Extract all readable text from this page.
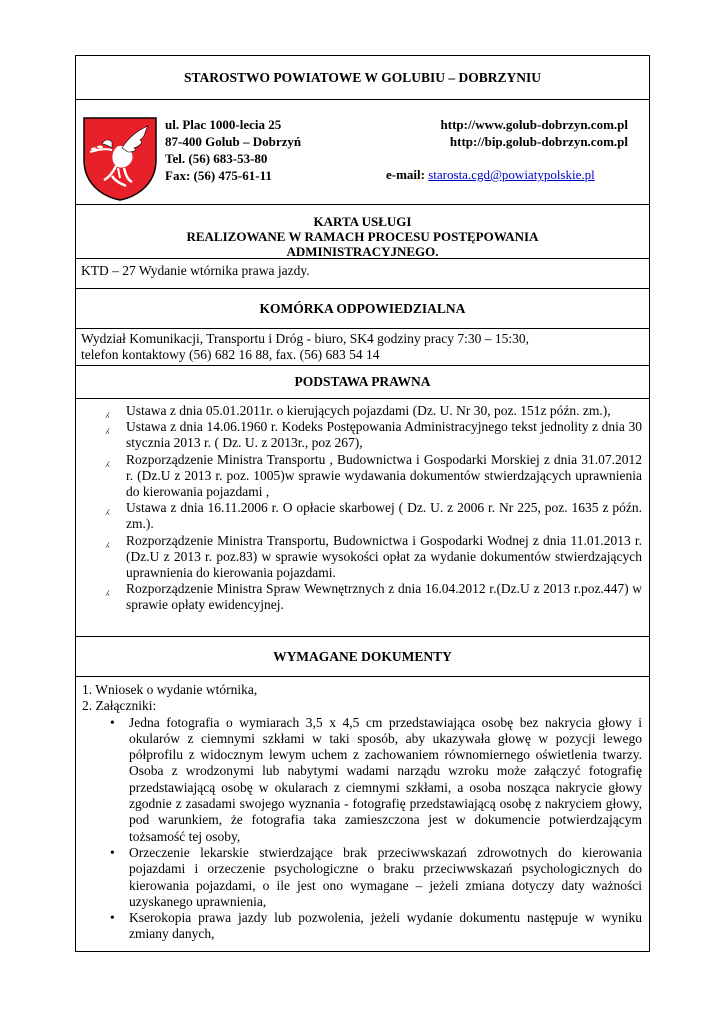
STAROSTWO POWIATOWE W GOLUBIU – DOBRZYNIU
ul. Plac 1000-lecia 25
87-400 Golub – Dobrzyń
Tel. (56) 683-53-80
Fax: (56) 475-61-11
http://www.golub-dobrzyn.com.pl
http://bip.golub-dobrzyn.com.pl
e-mail: starosta.cgd@powiatypolskie.pl
KARTA USŁUGI
REALIZOWANE W RAMACH PROCESU POSTĘPOWANIA
ADMINISTRACYJNEGO.
KTD – 27 Wydanie wtórnika prawa jazdy.
KOMÓRKA ODPOWIEDZIALNA
Wydział Komunikacji, Transportu i Dróg - biuro, SK4 godziny pracy 7:30 – 15:30,
telefon kontaktowy (56) 682 16 88, fax. (56) 683 54 14
PODSTAWA PRAWNA
⁁ Ustawa z dnia 05.01.2011r. o kierujących pojazdami (Dz. U. Nr 30, poz. 151z późn. zm.),
⁁ Ustawa z dnia 14.06.1960 r. Kodeks Postępowania Administracyjnego tekst jednolity z dnia 30 stycznia 2013 r. ( Dz. U. z 2013r., poz 267),
⁁ Rozporządzenie Ministra Transportu , Budownictwa i Gospodarki Morskiej z dnia 31.07.2012 r. (Dz.U z 2013 r. poz. 1005)w sprawie wydawania dokumentów stwierdzających uprawnienia do kierowania pojazdami ,
⁁ Ustawa z dnia 16.11.2006 r. O opłacie skarbowej ( Dz. U. z 2006 r. Nr 225, poz. 1635 z późn. zm.).
⁁ Rozporządzenie Ministra Transportu, Budownictwa i Gospodarki Wodnej z dnia 11.01.2013 r. (Dz.U z 2013 r. poz.83) w sprawie wysokości opłat za wydanie dokumentów stwierdzających uprawnienia do kierowania pojazdami.
⁁ Rozporządzenie Ministra Spraw Wewnętrznych z dnia 16.04.2012 r.(Dz.U z 2013 r.poz.447) w sprawie opłaty ewidencyjnej.
WYMAGANE DOKUMENTY
1. Wniosek o wydanie wtórnika,
2. Załączniki:
• Jedna fotografia o wymiarach 3,5 x 4,5 cm przedstawiająca osobę bez nakrycia głowy i okularów z ciemnymi szkłami w taki sposób, aby ukazywała głowę w pozycji lewego półprofilu z widocznym lewym uchem z zachowaniem równomiernego oświetlenia twarzy. Osoba z wrodzonymi lub nabytymi wadami narządu wzroku może załączyć fotografię przedstawiającą osobę w okularach z ciemnymi szkłami, a osoba nosząca nakrycie głowy zgodnie z zasadami swojego wyznania - fotografię przedstawiającą osobę z nakryciem głowy, pod warunkiem, że fotografia taka zamieszczona jest w dokumencie potwierdzającym tożsamość tej osoby,
• Orzeczenie lekarskie stwierdzające brak przeciwwskazań zdrowotnych do kierowania pojazdami i orzeczenie psychologiczne o braku przeciwwskazań psychologicznych do kierowania pojazdami, o ile jest ono wymagane – jeżeli zmiana dotyczy daty ważności uzyskanego uprawnienia,
• Kserokopia prawa jazdy lub pozwolenia, jeżeli wydanie dokumentu następuje w wyniku zmiany danych,
